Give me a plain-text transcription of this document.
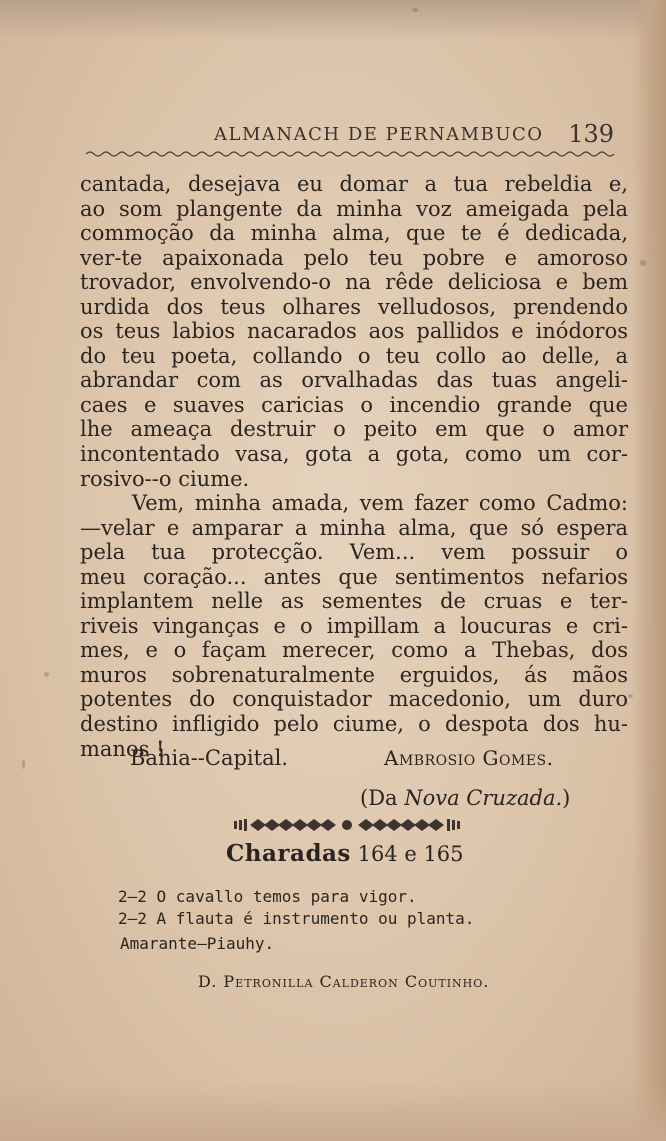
ALMANACH DE PERNAMBUCO 139
cantada, desejava eu domar a tua rebeldia e,
ao som plangente da minha voz ameigada pela
commoção da minha alma, que te é dedicada,
ver-te apaixonada pelo teu pobre e amoroso
trovador, envolvendo-o na rêde deliciosa e bem
urdida dos teus olhares velludosos, prendendo
os teus labios nacarados aos pallidos e inódoros
do teu poeta, collando o teu collo ao delle, a
abrandar com as orvalhadas das tuas angeli-
caes e suaves caricias o incendio grande que
lhe ameaça destruir o peito em que o amor
incontentado vasa, gota a gota, como um cor-
rosivo--o ciume.
Vem, minha amada, vem fazer como Cadmo:
—velar e amparar a minha alma, que só espera
pela tua protecção. Vem... vem possuir o
meu coração... antes que sentimentos nefarios
implantem nelle as sementes de cruas e ter-
riveis vinganças e o impillam a loucuras e cri-
mes, e o façam merecer, como a Thebas, dos
muros sobrenaturalmente erguidos, ás mãos
potentes do conquistador macedonio, um duro
destino infligido pelo ciume, o despota dos hu-
manos !
Bahia--Capital.	Ambrosio Gomes.
(Da Nova Cruzada.)
Charadas 164 e 165
2—2 O cavallo temos para vigor.
2—2 A flauta é instrumento ou planta.
Amarante—Piauhy.
D. Petronilla Calderon Coutinho.
